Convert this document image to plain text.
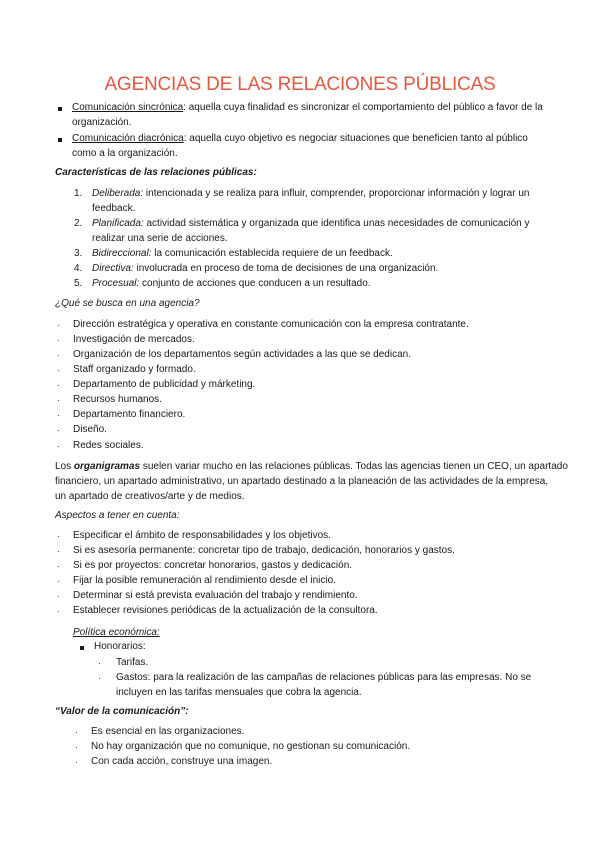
AGENCIAS DE LAS RELACIONES PÚBLICAS
Comunicación sincrónica: aquella cuya finalidad es sincronizar el comportamiento del público a favor de la
organización.
Comunicación diacrónica: aquella cuyo objetivo es negociar situaciones que beneficien tanto al público
como a la organización.
Características de las relaciones públicas:
1. Deliberada: intencionada y se realiza para influir, comprender, proporcionar información y lograr un
feedback.
2. Planificada: actividad sistemática y organizada que identifica unas necesidades de comunicación y
realizar una serie de acciones.
3. Bidireccional: la comunicación establecida requiere de un feedback.
4. Directiva: involucrada en proceso de toma de decisiones de una organización.
5. Procesual: conjunto de acciones que conducen a un resultado.
¿Qué se busca en una agencia?
· Dirección estratégica y operativa en constante comunicación con la empresa contratante.
· Investigación de mercados.
· Organización de los departamentos según actividades a las que se dedican.
· Staff organizado y formado.
· Departamento de publicidad y márketing.
· Recursos humanos.
· Departamento financiero.
· Diseño.
· Redes sociales.
Los organigramas suelen variar mucho en las relaciones públicas. Todas las agencias tienen un CEO, un apartado
financiero, un apartado administrativo, un apartado destinado a la planeación de las actividades de la empresa,
un apartado de creativos/arte y de medios.
Aspectos a tener en cuenta:
· Especificar el ámbito de responsabilidades y los objetivos.
· Si es asesoría permanente: concretar tipo de trabajo, dedicación, honorarios y gastos.
· Si es por proyectos: concretar honorarios, gastos y dedicación.
· Fijar la posible remuneración al rendimiento desde el inicio.
· Determinar si está prevista evaluación del trabajo y rendimiento.
· Establecer revisiones periódicas de la actualización de la consultora.
Política económica:
Honorarios:
· Tarifas.
· Gastos: para la realización de las campañas de relaciones públicas para las empresas. No se
incluyen en las tarifas mensuales que cobra la agencia.
“Valor de la comunicación”:
· Es esencial en las organizaciones.
· No hay organización que no comunique, no gestionan su comunicación.
· Con cada acción, construye una imagen.
